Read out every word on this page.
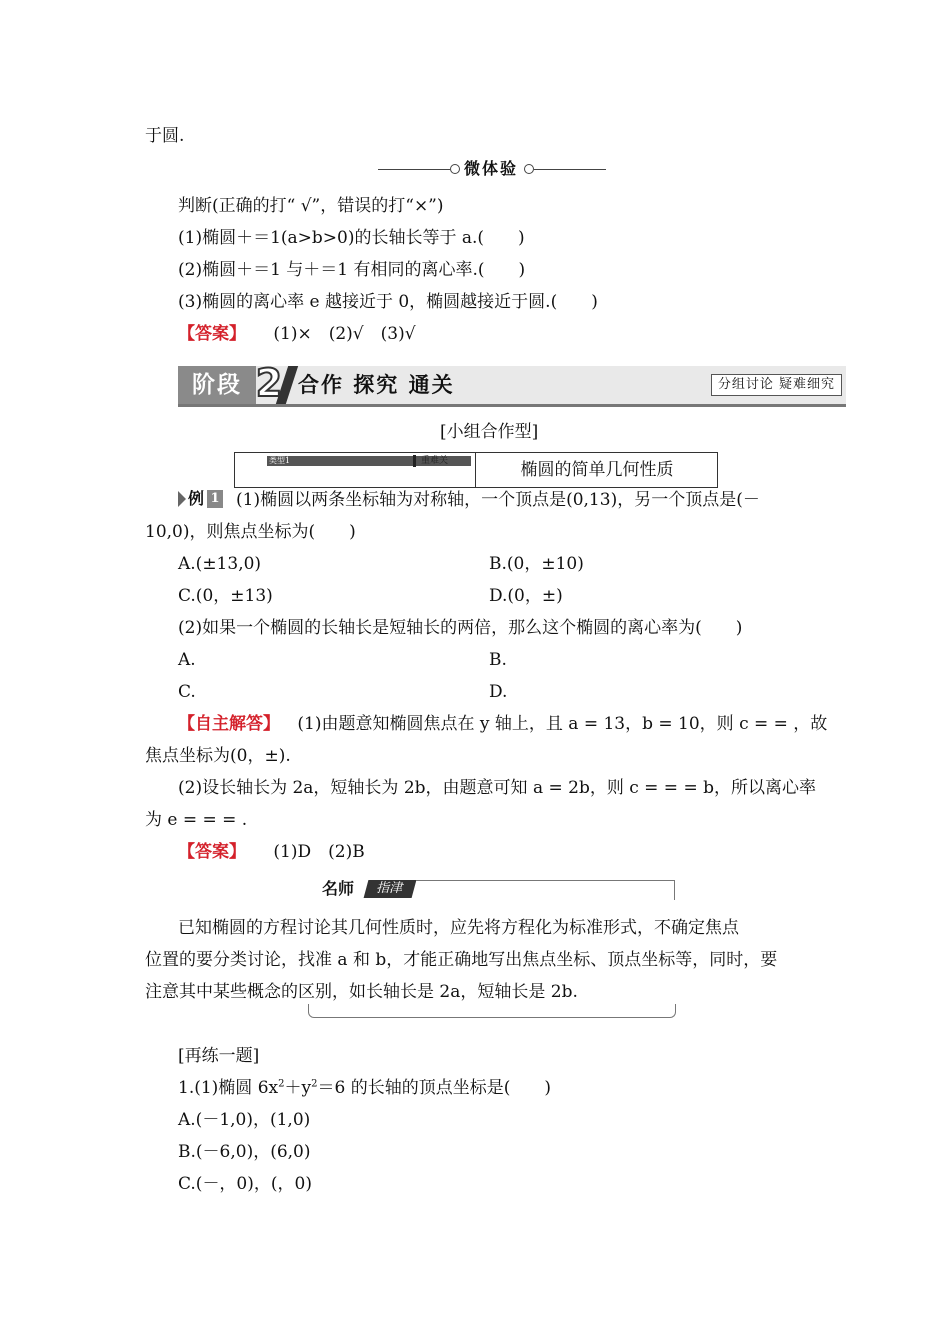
于圆.
微体验
判断(正确的打“ √”，错误的打“×”)
(1)椭圆＋＝1(a>b>0)的长轴长等于 a.(　　)
(2)椭圆＋＝1 与＋＝1 有相同的离心率.(　　)
(3)椭圆的离心率 e 越接近于 0，椭圆越接近于圆.(　　)
【答案】 (1)×　(2)√　(3)√
阶段 2 合作 探究 通关	分组讨论 疑难细究
[小组合作型]
类型1	重难关	椭圆的简单几何性质
例 1 (1)椭圆以两条坐标轴为对称轴，一个顶点是(0,13)，另一个顶点是(－
10,0)，则焦点坐标为(　　)
A.(±13,0)	B.(0，±10)
C.(0，±13)	D.(0，±)
(2)如果一个椭圆的长轴长是短轴长的两倍，那么这个椭圆的离心率为(　　)
A.	B.
C.	D.
【自主解答】 (1)由题意知椭圆焦点在 y 轴上，且 a = 13，b = 10，则 c = = ，故
焦点坐标为(0，±).
(2)设长轴长为 2a，短轴长为 2b，由题意可知 a = 2b，则 c = = = b，所以离心率
为 e = = = .
【答案】 (1)D　(2)B
名师	指津
已知椭圆的方程讨论其几何性质时，应先将方程化为标准形式，不确定焦点
位置的要分类讨论，找准 a 和 b，才能正确地写出焦点坐标、顶点坐标等，同时，要
注意其中某些概念的区别，如长轴长是 2a，短轴长是 2b.
[再练一题]
1.(1)椭圆 $6x^2+y^2=6$ 的长轴的顶点坐标是(　　)
A.(－1,0)，(1,0)
B.(－6,0)，(6,0)
C.(－，0)，(，0)
